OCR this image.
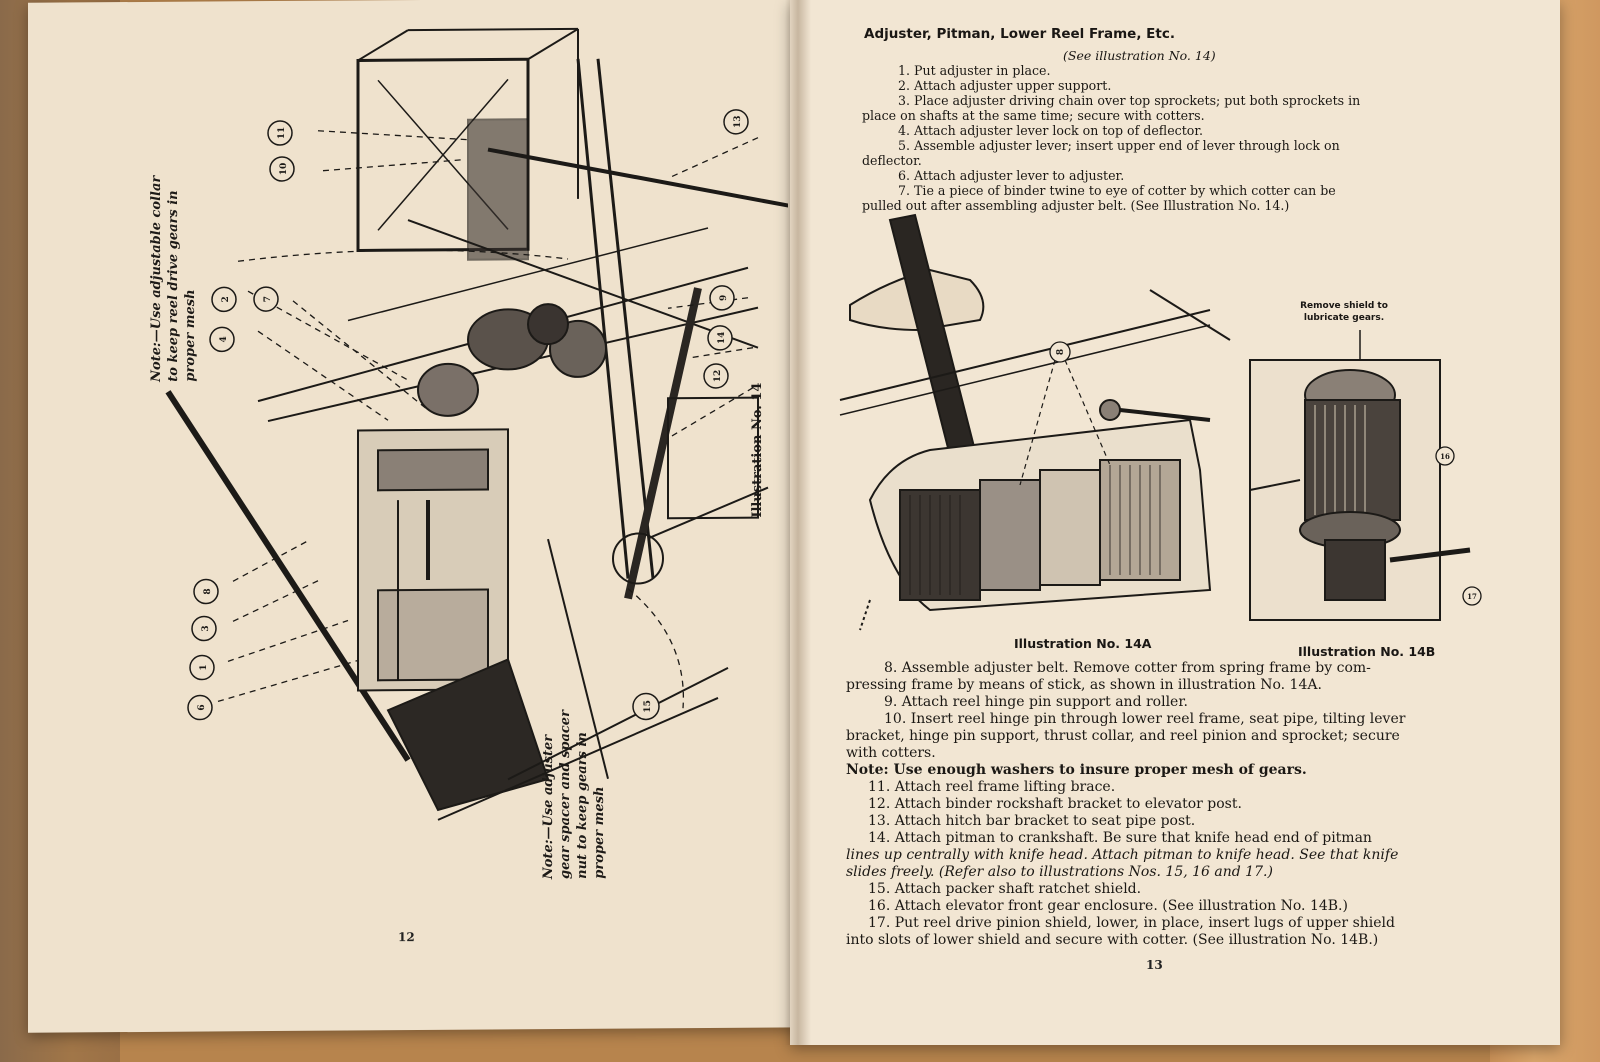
11
10
2	7
4
9
14
12
13
8
3
1
6	15
Note:—Use adjustable collar
to keep reel drive gears in
proper mesh
Note:—Use adjuster
gear spacer and spacer
nut to keep gears in
proper mesh
Illustration No. 14
12
8
16
17
Adjuster, Pitman, Lower Reel Frame, Etc.
(See illustration No. 14)
1. Put adjuster in place.
2. Attach adjuster upper support.
3. Place adjuster driving chain over top sprockets; put both sprockets in
place on shafts at the same time; secure with cotters.
4. Attach adjuster lever lock on top of deflector.
5. Assemble adjuster lever; insert upper end of lever through lock on
deflector.
6. Attach adjuster lever to adjuster.
7. Tie a piece of binder twine to eye of cotter by which cotter can be
pulled out after assembling adjuster belt. (See Illustration No. 14.)
Remove shield to lubricate gears.
Illustration No. 14A
Illustration No. 14B
8. Assemble adjuster belt. Remove cotter from spring frame by com-
pressing frame by means of stick, as shown in illustration No. 14A.
9. Attach reel hinge pin support and roller.
10. Insert reel hinge pin through lower reel frame, seat pipe, tilting lever
bracket, hinge pin support, thrust collar, and reel pinion and sprocket; secure
with cotters.
Note: Use enough washers to insure proper mesh of gears.
11. Attach reel frame lifting brace.
12. Attach binder rockshaft bracket to elevator post.
13. Attach hitch bar bracket to seat pipe post.
14. Attach pitman to crankshaft. Be sure that knife head end of pitman
lines up centrally with knife head. Attach pitman to knife head. See that knife
slides freely. (Refer also to illustrations Nos. 15, 16 and 17.)
15. Attach packer shaft ratchet shield.
16. Attach elevator front gear enclosure. (See illustration No. 14B.)
17. Put reel drive pinion shield, lower, in place, insert lugs of upper shield
into slots of lower shield and secure with cotter. (See illustration No. 14B.)
13
